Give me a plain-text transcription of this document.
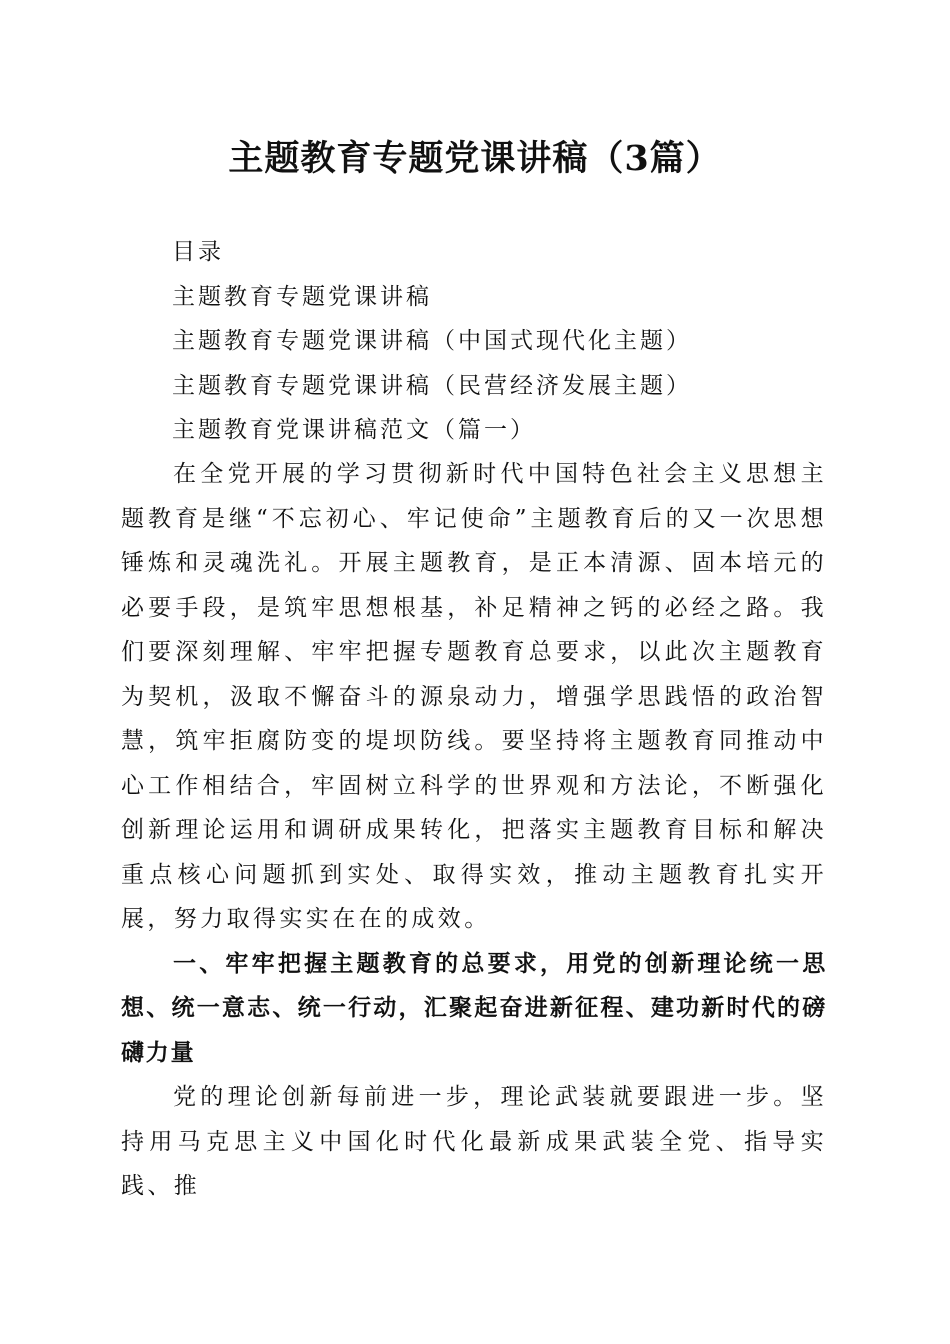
主题教育专题党课讲稿（3篇）
目录
主题教育专题党课讲稿
主题教育专题党课讲稿（中国式现代化主题）
主题教育专题党课讲稿（民营经济发展主题）
主题教育党课讲稿范文（篇一）

在全党开展的学习贯彻新时代中国特色社会主义思想主题教育是继“不忘初心、牢记使命”主题教育后的又一次思想锤炼和灵魂洗礼。开展主题教育，是正本清源、固本培元的必要手段，是筑牢思想根基，补足精神之钙的必经之路。我们要深刻理解、牢牢把握专题教育总要求，以此次主题教育为契机，汲取不懈奋斗的源泉动力，增强学思践悟的政治智慧，筑牢拒腐防变的堤坝防线。要坚持将主题教育同推动中心工作相结合，牢固树立科学的世界观和方法论，不断强化创新理论运用和调研成果转化，把落实主题教育目标和解决重点核心问题抓到实处、取得实效，推动主题教育扎实开展，努力取得实实在在的成效。

一、牢牢把握主题教育的总要求，用党的创新理论统一思想、统一意志、统一行动，汇聚起奋进新征程、建功新时代的磅礴力量

党的理论创新每前进一步，理论武装就要跟进一步。坚持用马克思主义中国化时代化最新成果武装全党、指导实践、推
